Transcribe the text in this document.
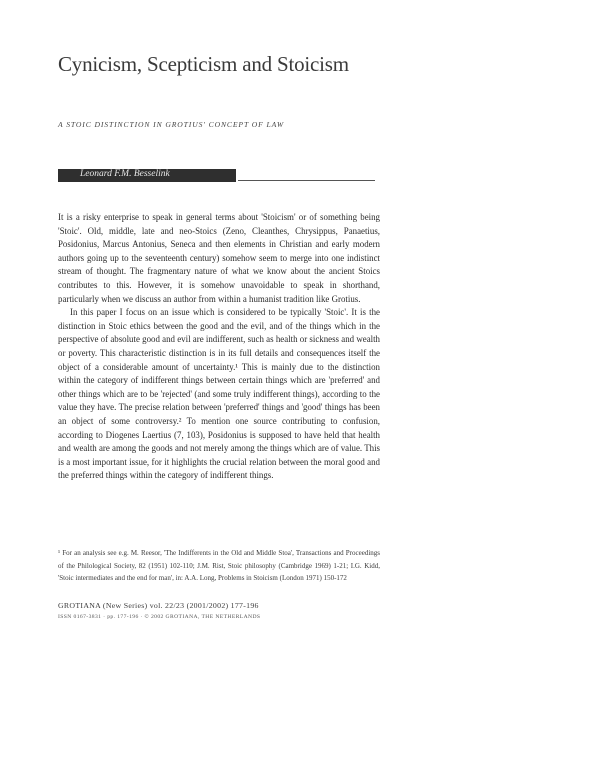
Cynicism, Scepticism and Stoicism
A STOIC DISTINCTION IN GROTIUS' CONCEPT OF LAW
Leonard F.M. Besselink

It is a risky enterprise to speak in general terms about 'Stoicism' or of something being 'Stoic'. Old, middle, late and neo-Stoics (Zeno, Cleanthes, Chrysippus, Panaetius, Posidonius, Marcus Antonius, Seneca and then elements in Christian and early modern authors going up to the seventeenth century) somehow seem to merge into one indistinct stream of thought. The fragmentary nature of what we know about the ancient Stoics contributes to this. However, it is somehow unavoidable to speak in shorthand, particularly when we discuss an author from within a humanist tradition like Grotius.

In this paper I focus on an issue which is considered to be typically 'Stoic'. It is the distinction in Stoic ethics between the good and the evil, and of the things which in the perspective of absolute good and evil are indifferent, such as health or sickness and wealth or poverty. This characteristic distinction is in its full details and consequences itself the object of a considerable amount of uncertainty.¹ This is mainly due to the distinction within the category of indifferent things between certain things which are 'preferred' and other things which are to be 'rejected' (and some truly indifferent things), according to the value they have. The precise relation between 'preferred' things and 'good' things has been an object of some controversy.² To mention one source contributing to confusion, according to Diogenes Laertius (7, 103), Posidonius is supposed to have held that health and wealth are among the goods and not merely among the things which are of value. This is a most important issue, for it highlights the crucial relation between the moral good and the preferred things within the category of indifferent things.

¹ For an analysis see e.g. M. Reesor, 'The Indifferents in the Old and Middle Stoa', Transactions and Proceedings of the Philological Society, 82 (1951) 102-110; J.M. Rist, Stoic philosophy (Cambridge 1969) 1-21; I.G. Kidd, 'Stoic intermediates and the end for man', in: A.A. Long, Problems in Stoicism (London 1971) 150-172
GROTIANA (New Series) vol. 22/23 (2001/2002) 177-196
ISSN 0167-3831 · pp. 177-196 · © 2002 GROTIANA, THE NETHERLANDS
